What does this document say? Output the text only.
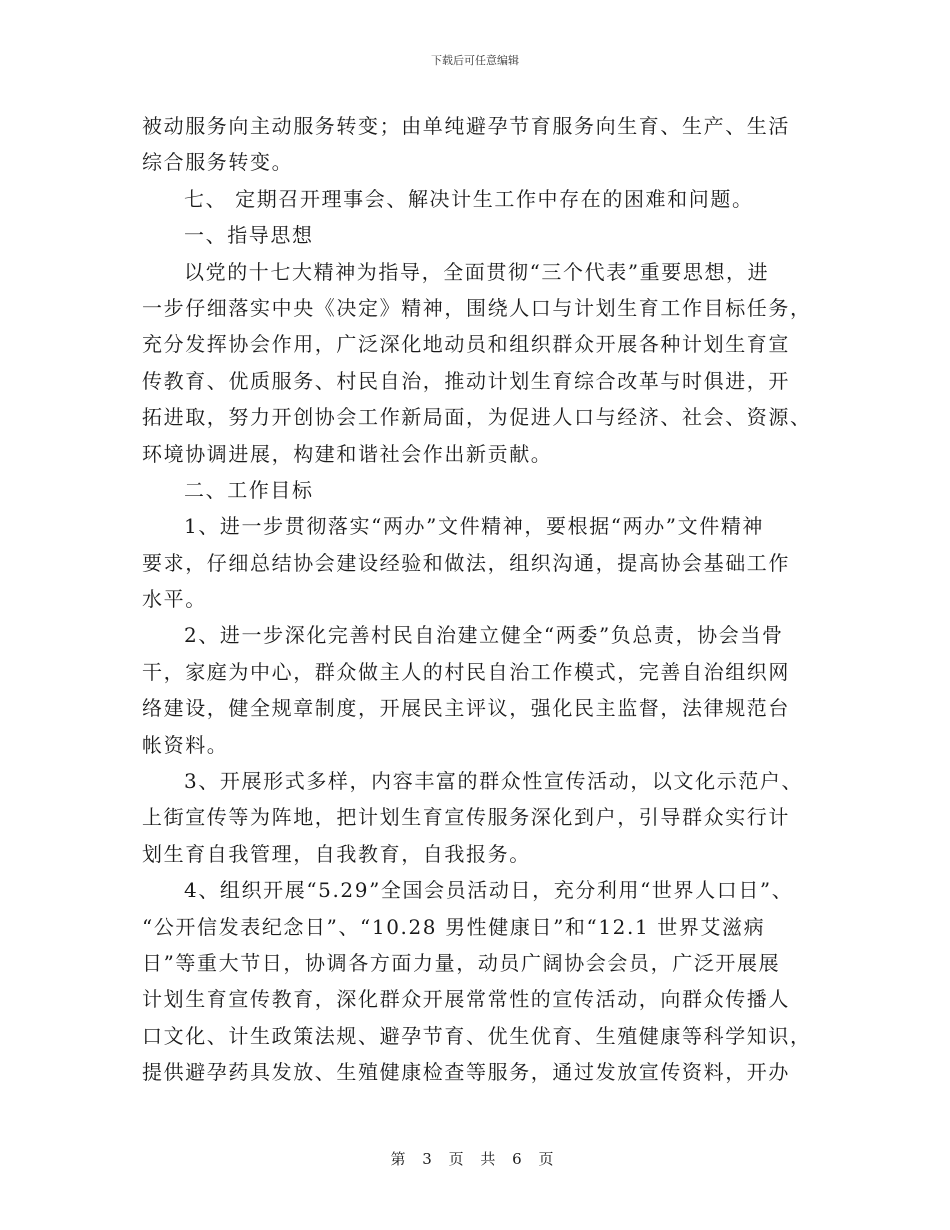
下载后可任意编辑
被动服务向主动服务转变；由单纯避孕节育服务向生育、生产、生活
综合服务转变。
七、 定期召开理事会、解决计生工作中存在的困难和问题。
一、指导思想
以党的十七大精神为指导，全面贯彻“三个代表”重要思想，进
一步仔细落实中央《决定》精神，围绕人口与计划生育工作目标任务，
充分发挥协会作用，广泛深化地动员和组织群众开展各种计划生育宣
传教育、优质服务、村民自治，推动计划生育综合改革与时俱进，开
拓进取，努力开创协会工作新局面，为促进人口与经济、社会、资源、
环境协调进展，构建和谐社会作出新贡献。
二、工作目标
1、进一步贯彻落实“两办”文件精神，要根据“两办”文件精神
要求，仔细总结协会建设经验和做法，组织沟通，提高协会基础工作
水平。
2、进一步深化完善村民自治建立健全“两委”负总责，协会当骨
干，家庭为中心，群众做主人的村民自治工作模式，完善自治组织网
络建设，健全规章制度，开展民主评议，强化民主监督，法律规范台
帐资料。
3、开展形式多样，内容丰富的群众性宣传活动，以文化示范户、
上街宣传等为阵地，把计划生育宣传服务深化到户，引导群众实行计
划生育自我管理，自我教育，自我报务。
4、组织开展“5.29”全国会员活动日，充分利用“世界人口日”、
“公开信发表纪念日”、“10.28 男性健康日”和“12.1 世界艾滋病
日”等重大节日，协调各方面力量，动员广阔协会会员，广泛开展展
计划生育宣传教育，深化群众开展常常性的宣传活动，向群众传播人
口文化、计生政策法规、避孕节育、优生优育、生殖健康等科学知识，
提供避孕药具发放、生殖健康检查等服务，通过发放宣传资料，开办
第 3 页 共 6 页
